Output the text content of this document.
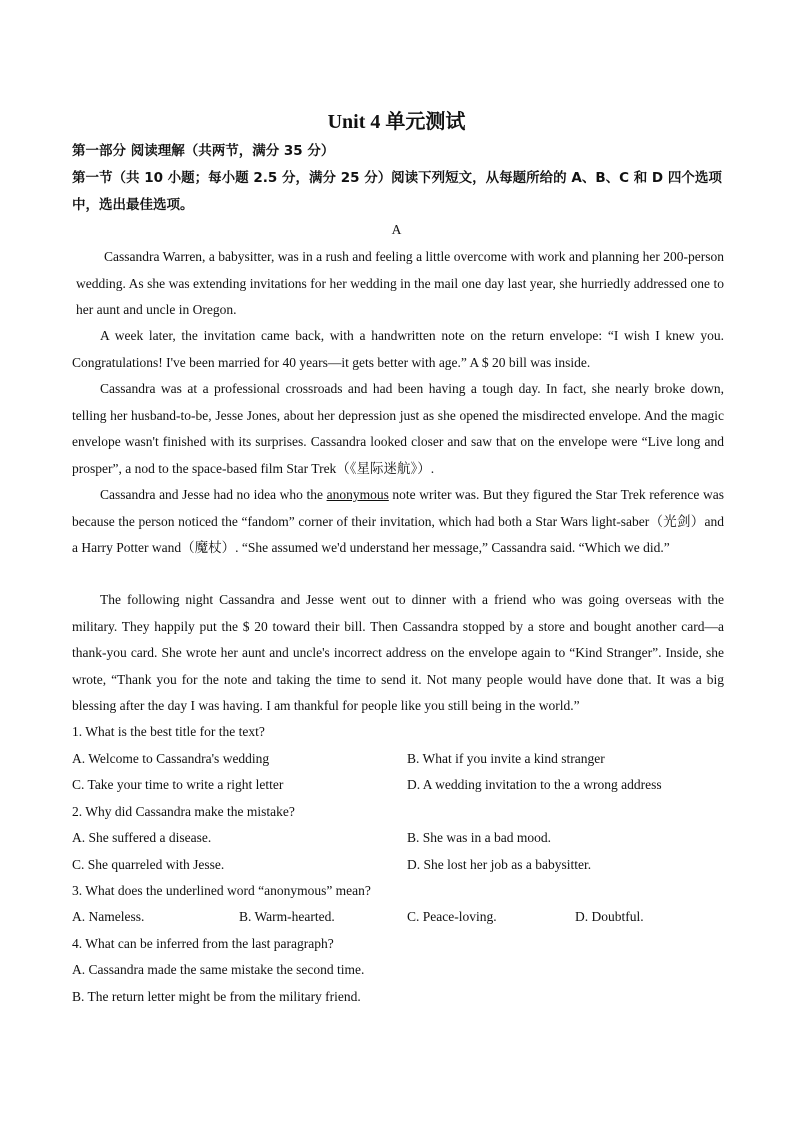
Unit 4 单元测试
第一部分 阅读理解（共两节，满分 35 分）
第一节（共 10 小题；每小题 2.5 分，满分 25 分）阅读下列短文，从每题所给的 A、B、C 和 D 四个选项中，选出最佳选项。
A

Cassandra Warren, a babysitter, was in a rush and feeling a little overcome with work and planning her 200-person wedding. As she was extending invitations for her wedding in the mail one day last year, she hurriedly addressed one to her aunt and uncle in Oregon.

A week later, the invitation came back, with a handwritten note on the return envelope: “I wish I knew you. Congratulations! I've been married for 40 years—it gets better with age.” A $ 20 bill was inside.

Cassandra was at a professional crossroads and had been having a tough day. In fact, she nearly broke down, telling her husband-to-be, Jesse Jones, about her depression just as she opened the misdirected envelope. And the magic envelope wasn't finished with its surprises. Cassandra looked closer and saw that on the envelope were “Live long and prosper”, a nod to the space-based film Star Trek（《星际迷航》）.

Cassandra and Jesse had no idea who the anonymous note writer was. But they figured the Star Trek reference was because the person noticed the “fandom” corner of their invitation, which had both a Star Wars light-saber（光剑）and a Harry Potter wand（魔杖）. “She assumed we'd understand her message,” Cassandra said. “Which we did.”

The following night Cassandra and Jesse went out to dinner with a friend who was going overseas with the military. They happily put the $ 20 toward their bill. Then Cassandra stopped by a store and bought another card—a thank-you card. She wrote her aunt and uncle's incorrect address on the envelope again to “Kind Stranger”. Inside, she wrote, “Thank you for the note and taking the time to send it. Not many people would have done that. It was a big blessing after the day I was having. I am thankful for people like you still being in the world.”

1. What is the best title for the text?
A. Welcome to Cassandra's wedding	B. What if you invite a kind stranger
C. Take your time to write a right letter	D. A wedding invitation to the a wrong address
2. Why did Cassandra make the mistake?
A. She suffered a disease.	B. She was in a bad mood.
C. She quarreled with Jesse.	D. She lost her job as a babysitter.
3. What does the underlined word “anonymous” mean?
A. Nameless.	B. Warm-hearted.	C. Peace-loving.	D. Doubtful.
4. What can be inferred from the last paragraph?
A. Cassandra made the same mistake the second time.
B. The return letter might be from the military friend.
